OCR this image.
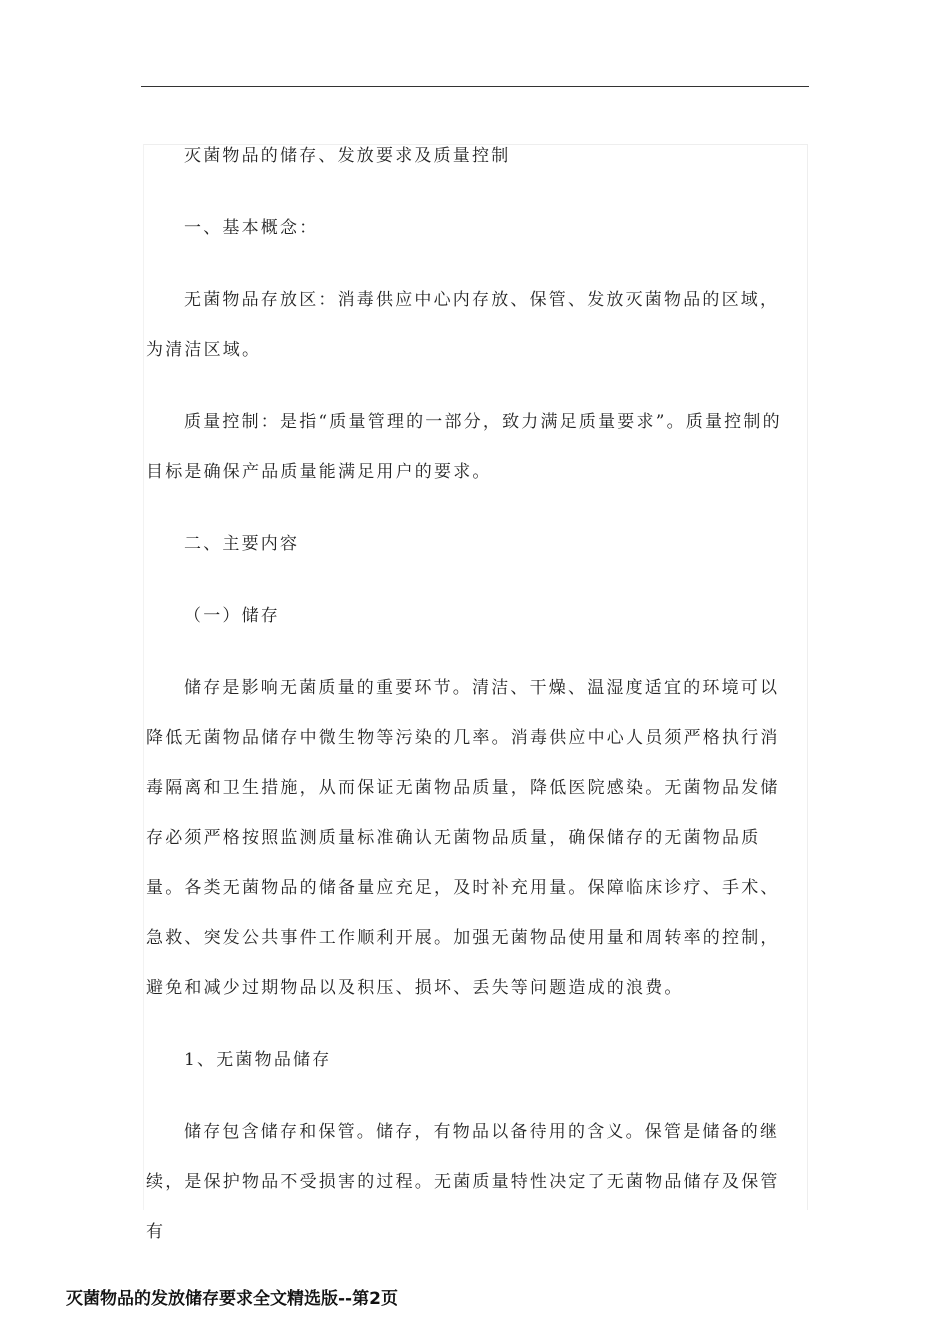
灭菌物品的储存、发放要求及质量控制

一、基本概念：

无菌物品存放区：消毒供应中心内存放、保管、发放灭菌物品的区域，为清洁区域。

质量控制：是指“质量管理的一部分，致力满足质量要求”。质量控制的目标是确保产品质量能满足用户的要求。

二、主要内容

（一）储存

储存是影响无菌质量的重要环节。清洁、干燥、温湿度适宜的环境可以降低无菌物品储存中微生物等污染的几率。消毒供应中心人员须严格执行消毒隔离和卫生措施，从而保证无菌物品质量，降低医院感染。无菌物品发储存必须严格按照监测质量标准确认无菌物品质量，确保储存的无菌物品质量。各类无菌物品的储备量应充足，及时补充用量。保障临床诊疗、手术、急救、突发公共事件工作顺利开展。加强无菌物品使用量和周转率的控制，避免和减少过期物品以及积压、损坏、丢失等问题造成的浪费。

1、无菌物品储存

储存包含储存和保管。储存，有物品以备待用的含义。保管是储备的继续，是保护物品不受损害的过程。无菌质量特性决定了无菌物品储存及保管有

灭菌物品的发放储存要求全文精选版--第2页
